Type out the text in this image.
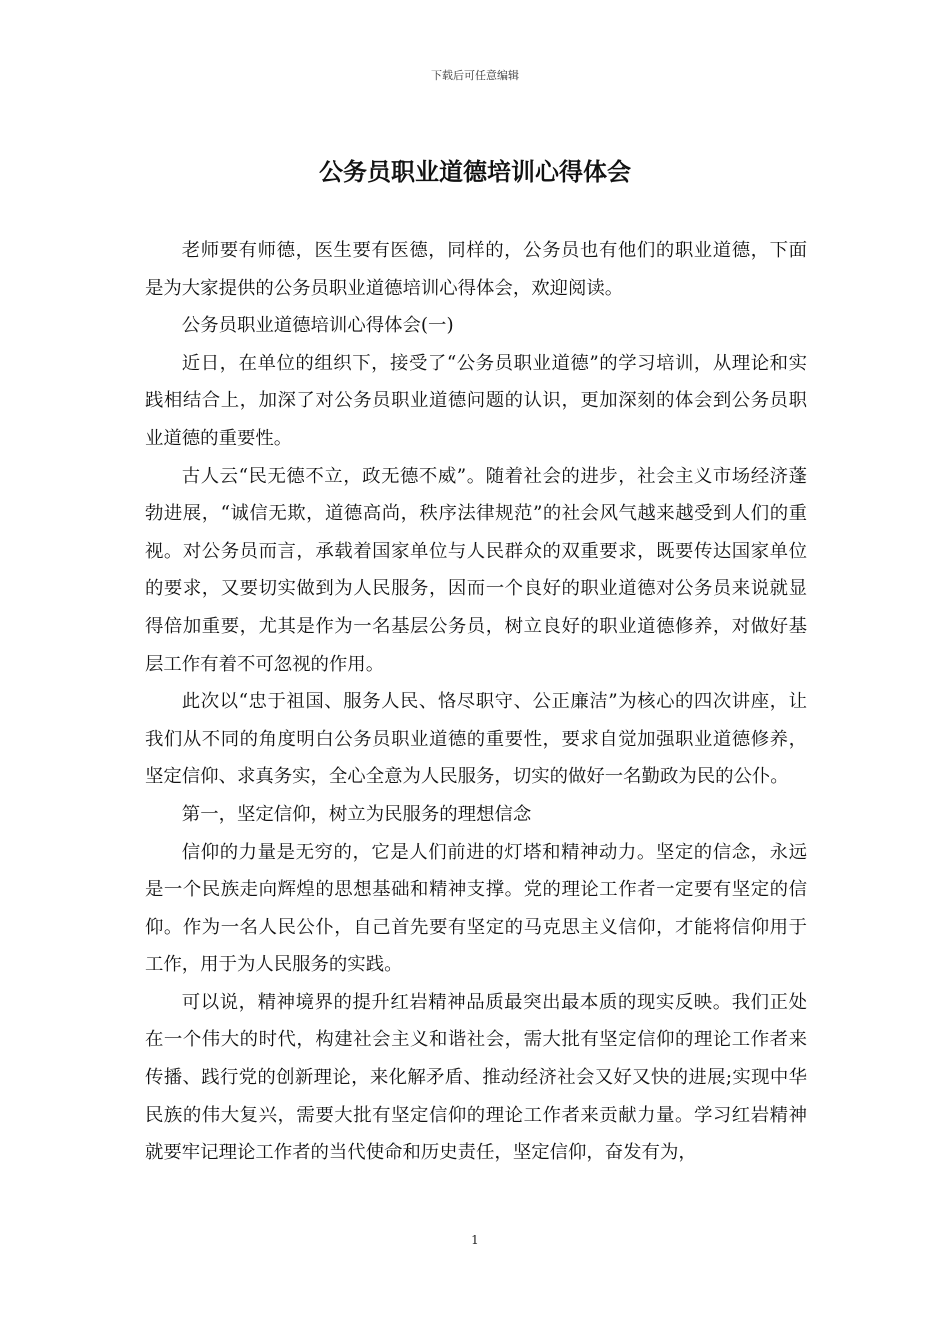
下载后可任意编辑
公务员职业道德培训心得体会

老师要有师德，医生要有医德，同样的，公务员也有他们的职业道德，下面是为大家提供的公务员职业道德培训心得体会，欢迎阅读。

公务员职业道德培训心得体会(一)

近日，在单位的组织下，接受了“公务员职业道德”的学习培训，从理论和实践相结合上，加深了对公务员职业道德问题的认识，更加深刻的体会到公务员职业道德的重要性。

古人云“民无德不立，政无德不威”。随着社会的进步，社会主义市场经济蓬勃进展，“诚信无欺，道德高尚，秩序法律规范”的社会风气越来越受到人们的重视。对公务员而言，承载着国家单位与人民群众的双重要求，既要传达国家单位的要求，又要切实做到为人民服务，因而一个良好的职业道德对公务员来说就显得倍加重要，尤其是作为一名基层公务员，树立良好的职业道德修养，对做好基层工作有着不可忽视的作用。

此次以“忠于祖国、服务人民、恪尽职守、公正廉洁”为核心的四次讲座，让我们从不同的角度明白公务员职业道德的重要性，要求自觉加强职业道德修养，坚定信仰、求真务实，全心全意为人民服务，切实的做好一名勤政为民的公仆。

第一，坚定信仰，树立为民服务的理想信念

信仰的力量是无穷的，它是人们前进的灯塔和精神动力。坚定的信念，永远是一个民族走向辉煌的思想基础和精神支撑。党的理论工作者一定要有坚定的信仰。作为一名人民公仆，自己首先要有坚定的马克思主义信仰，才能将信仰用于工作，用于为人民服务的实践。

可以说，精神境界的提升红岩精神品质最突出最本质的现实反映。我们正处在一个伟大的时代，构建社会主义和谐社会，需大批有坚定信仰的理论工作者来传播、践行党的创新理论，来化解矛盾、推动经济社会又好又快的进展;实现中华民族的伟大复兴，需要大批有坚定信仰的理论工作者来贡献力量。学习红岩精神就要牢记理论工作者的当代使命和历史责任，坚定信仰，奋发有为，

1
